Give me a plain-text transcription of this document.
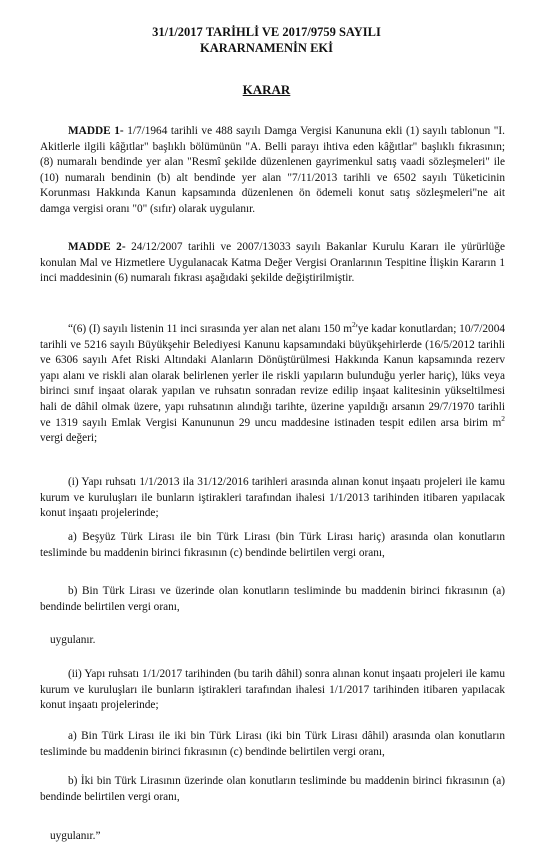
31/1/2017 TARİHLİ VE 2017/9759 SAYILI
KARARNAMENİN EKİ
KARAR
MADDE 1- 1/7/1964 tarihli ve 488 sayılı Damga Vergisi Kanununa ekli (1) sayılı tablonun "I. Akitlerle ilgili kâğıtlar" başlıklı bölümünün "A. Belli parayı ihtiva eden kâğıtlar" başlıklı fıkrasının; (8) numaralı bendinde yer alan "Resmî şekilde düzenlenen gayrimenkul satış vaadi sözleşmeleri" ile (10) numaralı bendinin (b) alt bendinde yer alan "7/11/2013 tarihli ve 6502 sayılı Tüketicinin Korunması Hakkında Kanun kapsamında düzenlenen ön ödemeli konut satış sözleşmeleri"ne ait damga vergisi oranı "0" (sıfır) olarak uygulanır.
MADDE 2- 24/12/2007 tarihli ve 2007/13033 sayılı Bakanlar Kurulu Kararı ile yürürlüğe konulan Mal ve Hizmetlere Uygulanacak Katma Değer Vergisi Oranlarının Tespitine İlişkin Kararın 1 inci maddesinin (6) numaralı fıkrası aşağıdaki şekilde değiştirilmiştir.
“(6) (I) sayılı listenin 11 inci sırasında yer alan net alanı 150 $m^2'ye$ kadar konutlardan; 10/7/2004 tarihli ve 5216 sayılı Büyükşehir Belediyesi Kanunu kapsamındaki büyükşehirlerde (16/5/2012 tarihli ve 6306 sayılı Afet Riski Altındaki Alanların Dönüştürülmesi Hakkında Kanun kapsamında rezerv yapı alanı ve riskli alan olarak belirlenen yerler ile riskli yapıların bulunduğu yerler hariç), lüks veya birinci sınıf inşaat olarak yapılan ve ruhsatın sonradan revize edilip inşaat kalitesinin yükseltilmesi hali de dâhil olmak üzere, yapı ruhsatının alındığı tarihte, üzerine yapıldığı arsanın 29/7/1970 tarihli ve 1319 sayılı Emlak Vergisi Kanununun 29 uncu maddesine istinaden tespit edilen arsa birim $m^2$ vergi değeri;
(i) Yapı ruhsatı 1/1/2013 ila 31/12/2016 tarihleri arasında alınan konut inşaatı projeleri ile kamu kurum ve kuruluşları ile bunların iştirakleri tarafından ihalesi 1/1/2013 tarihinden itibaren yapılacak konut inşaatı projelerinde;
a) Beşyüz Türk Lirası ile bin Türk Lirası (bin Türk Lirası hariç) arasında olan konutların tesliminde bu maddenin birinci fıkrasının (c) bendinde belirtilen vergi oranı,
b) Bin Türk Lirası ve üzerinde olan konutların tesliminde bu maddenin birinci fıkrasının (a) bendinde belirtilen vergi oranı,
uygulanır.
(ii) Yapı ruhsatı 1/1/2017 tarihinden (bu tarih dâhil) sonra alınan konut inşaatı projeleri ile kamu kurum ve kuruluşları ile bunların iştirakleri tarafından ihalesi 1/1/2017 tarihinden itibaren yapılacak konut inşaatı projelerinde;
a) Bin Türk Lirası ile iki bin Türk Lirası (iki bin Türk Lirası dâhil) arasında olan konutların tesliminde bu maddenin birinci fıkrasının (c) bendinde belirtilen vergi oranı,
b) İki bin Türk Lirasının üzerinde olan konutların tesliminde bu maddenin birinci fıkrasının (a) bendinde belirtilen vergi oranı,
uygulanır.”
